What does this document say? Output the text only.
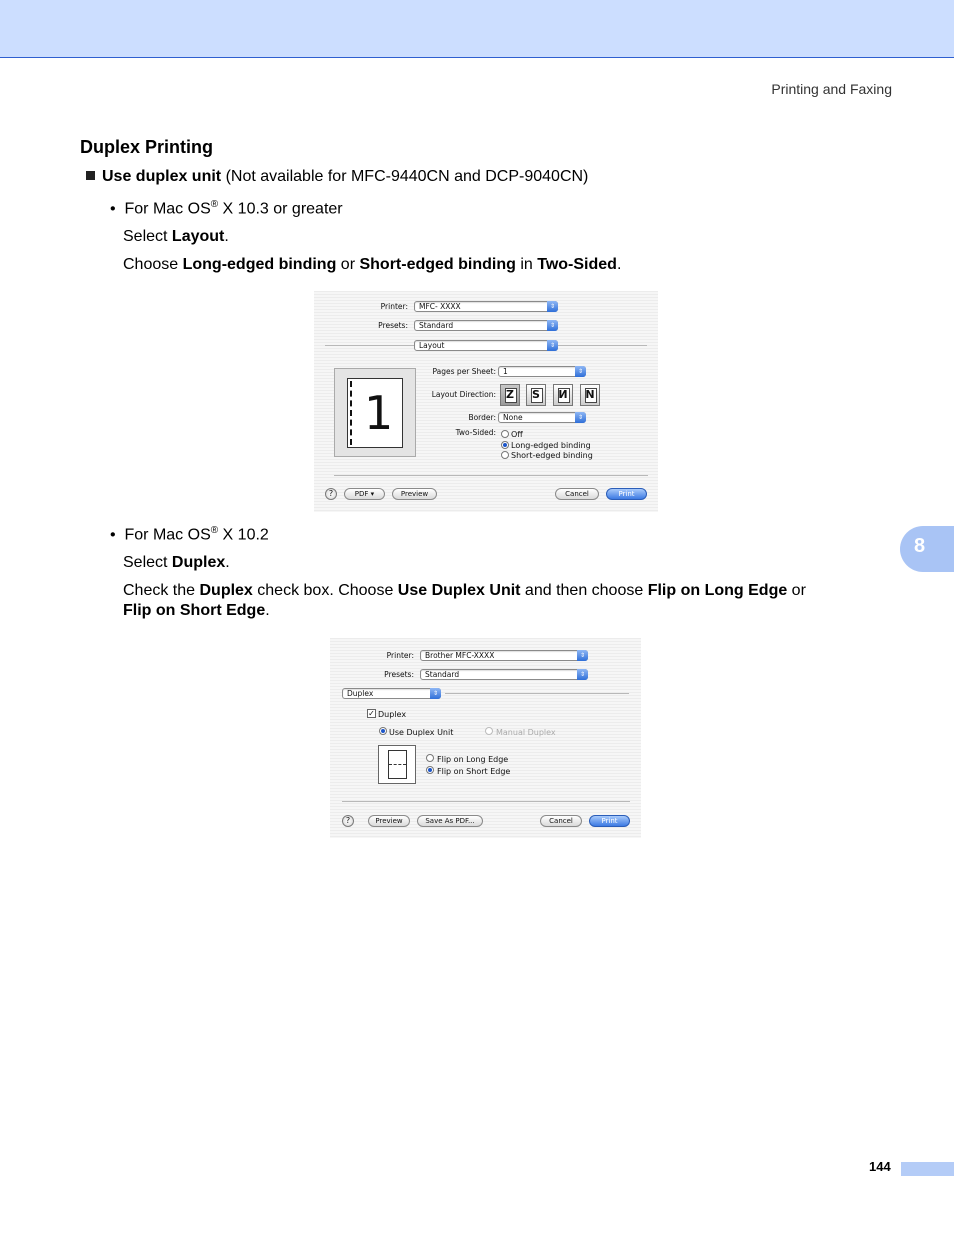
Printing and Faxing
8
Duplex Printing
Use duplex unit (Not available for MFC-9440CN and DCP-9040CN)
• For Mac OS® X 10.3 or greater
Select Layout.
Choose Long-edged binding or Short-edged binding in Two-Sided.
Printer:	MFC- XXXX	⇕
Presets:	Standard	⇕
Layout	⇕
1
Pages per Sheet: 1	⇕
Layout Direction: Z	S	И	N
Border: None	⇕
Two-Sided: Off
Long-edged binding
Short-edged binding
?	PDF ▾	Preview	Cancel	Print
• For Mac OS® X 10.2
Select Duplex.
Check the Duplex check box. Choose Use Duplex Unit and then choose Flip on Long Edge or
Flip on Short Edge.
Printer:	Brother MFC-XXXX	⇕
Presets:	Standard	⇕
Duplex	⇕
✓ Duplex
Use Duplex Unit	Manual Duplex
Flip on Long Edge
Flip on Short Edge
?	Preview	Save As PDF...	Cancel	Print
144
